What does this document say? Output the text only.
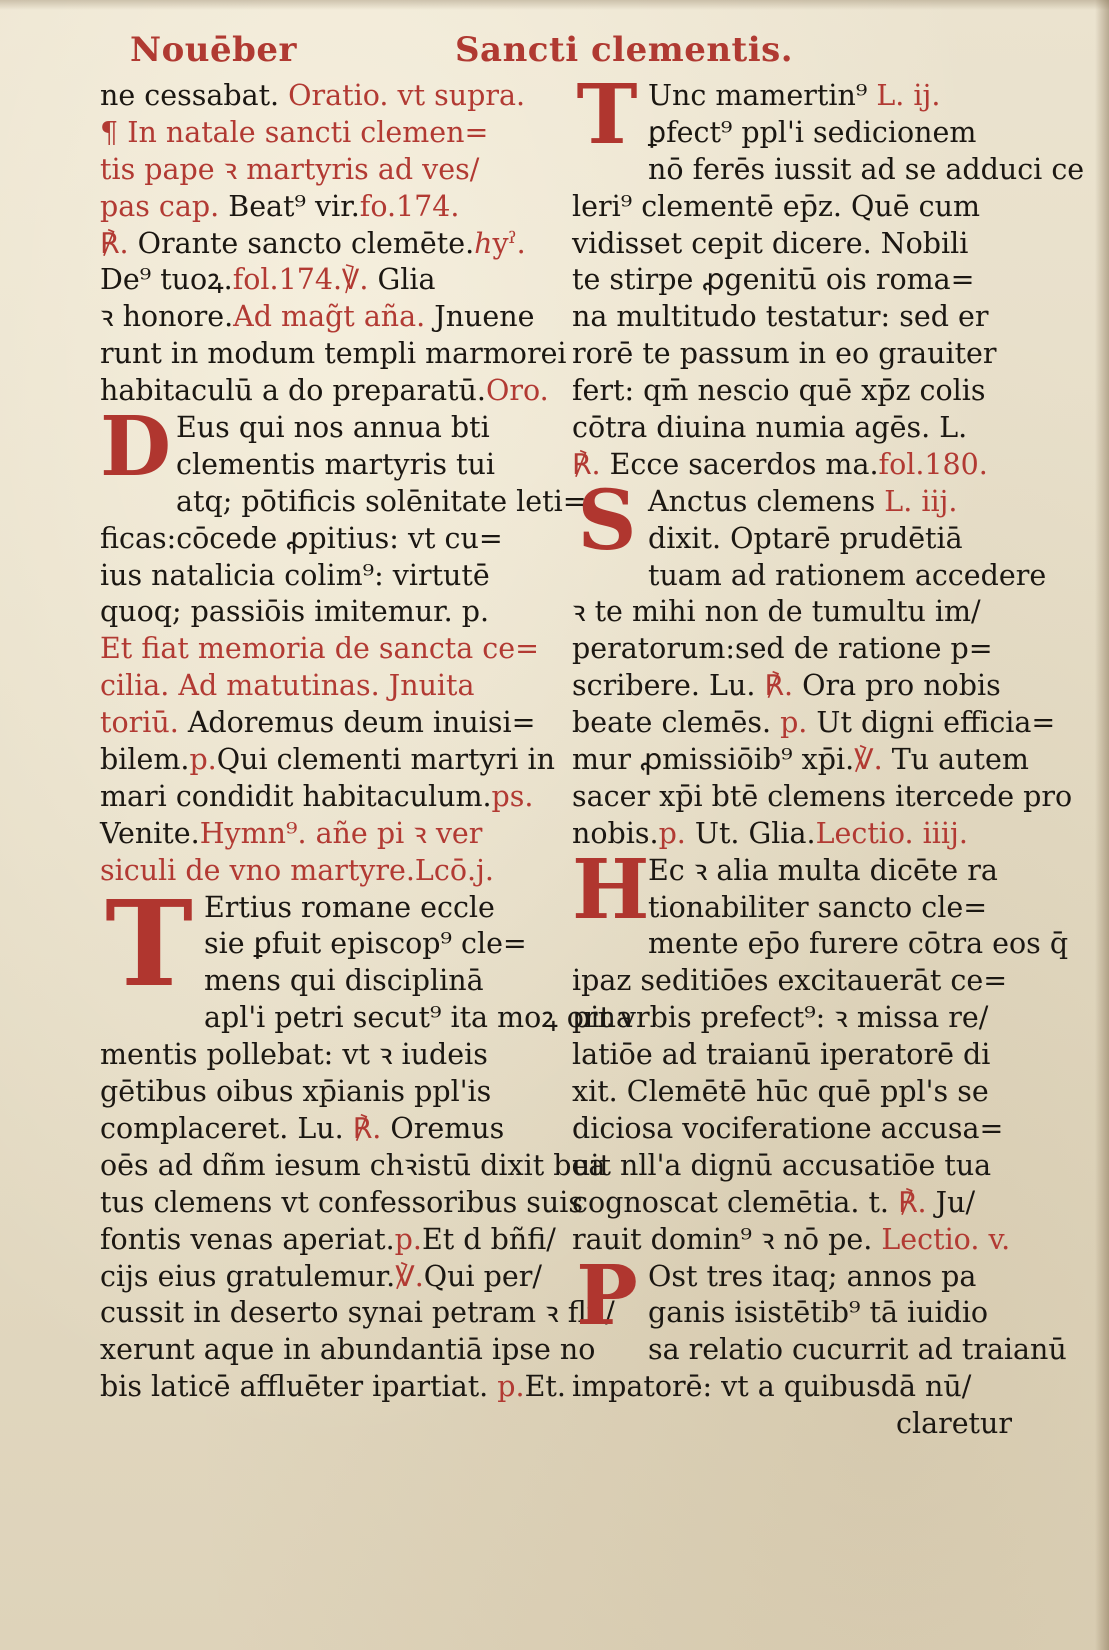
Nouēber	Sancti clementis.
ne cessabat. Oratio. vt supra.
¶ In natale sancti clemen=
tis pape ꝛ martyris ad ves/
pas cap. Beat⁹ vir.fo.174.
℟. Orante sancto clemēte.ℎyˀ.
De⁹ tuoꝝ.fol.174.℣. Glia
ꝛ honore.Ad mag̃t aña. Jnuene
runt in modum templi marmorei
habitaculū a do preparatū.Oro.
D Eus qui nos annua bti
clementis martyris tui
atq; pōtificis solēnitate leti=
ficas:cōcede ꝓpitius: vt cu=
ius natalicia colim⁹: virtutē
quoq; passiōis imitemur. p.
Et fiat memoria de sancta ce=
cilia. Ad matutinas. Jnuita
toriū. Adoremus deum inuisi=
bilem.p.Qui clementi martyri in
mari condidit habitaculum.ps.
Venite.Hymn⁹. añe pi ꝛ ver
siculi de vno martyre.Lcō.j.
T Ertius romane eccle
sie ꝑfuit episcop⁹ cle=
mens qui disciplinā
apl'i petri secut⁹ ita moꝝ orna
mentis pollebat: vt ꝛ iudeis
gētibus oibus xp̄ianis ppl'is
complaceret. Lu. ℟. Oremus
oēs ad dñm iesum chꝛistū dixit bea
tus clemens vt confessoribus suis
fontis venas aperiat.p.Et d bñfi/
cijs eius gratulemur.℣.Qui per/
cussit in deserto synai petram ꝛ flu/
xerunt aque in abundantiā ipse no
bis laticē affluēter ipartiat. p.Et.
T Unc mamertin⁹ L. ij.
ꝑfect⁹ ppl'i sedicionem
nō ferēs iussit ad se adduci ce
leri⁹ clementē ep̄z. Quē cum
vidisset cepit dicere. Nobili
te stirpe ꝓgenitū ois roma=
na multitudo testatur: sed er
rorē te passum in eo grauiter
fert: qm̄ nescio quē xp̄z colis
cōtra diuina numia agēs. L.
℟. Ecce sacerdos ma.fol.180.
S Anctus clemens L. iij.
dixit. Optarē prudētiā
tuam ad rationem accedere
ꝛ te mihi non de tumultu im/
peratorum:sed de ratione p=
scribere. Lu. ℟. Ora pro nobis
beate clemēs. p. Ut digni efficia=
mur ꝓmissiōib⁹ xp̄i.℣. Tu autem
sacer xp̄i btē clemens itercede pro
nobis.p. Ut. Glia.Lectio. iiij.
H
Ec ꝛ alia multa dicēte ra
tionabiliter sancto cle=
mente ep̄o furere cōtra eos q̄
ipaz seditiōes excitauerāt ce=
pit vrbis prefect⁹: ꝛ missa re/
latiōe ad traianū iperatorē di
xit. Clemētē hūc quē ppl's se
diciosa vociferatione accusa=
uit nll'a dignū accusatiōe tua
cognoscat clemētia. t. ℟. Ju/
rauit domin⁹ ꝛ nō pe. Lectio. v.
P Ost tres itaq; annos pa
ganis isistētib⁹ tā iuidio
sa relatio cucurrit ad traianū
impatorē: vt a quibusdā nū/
claretur
